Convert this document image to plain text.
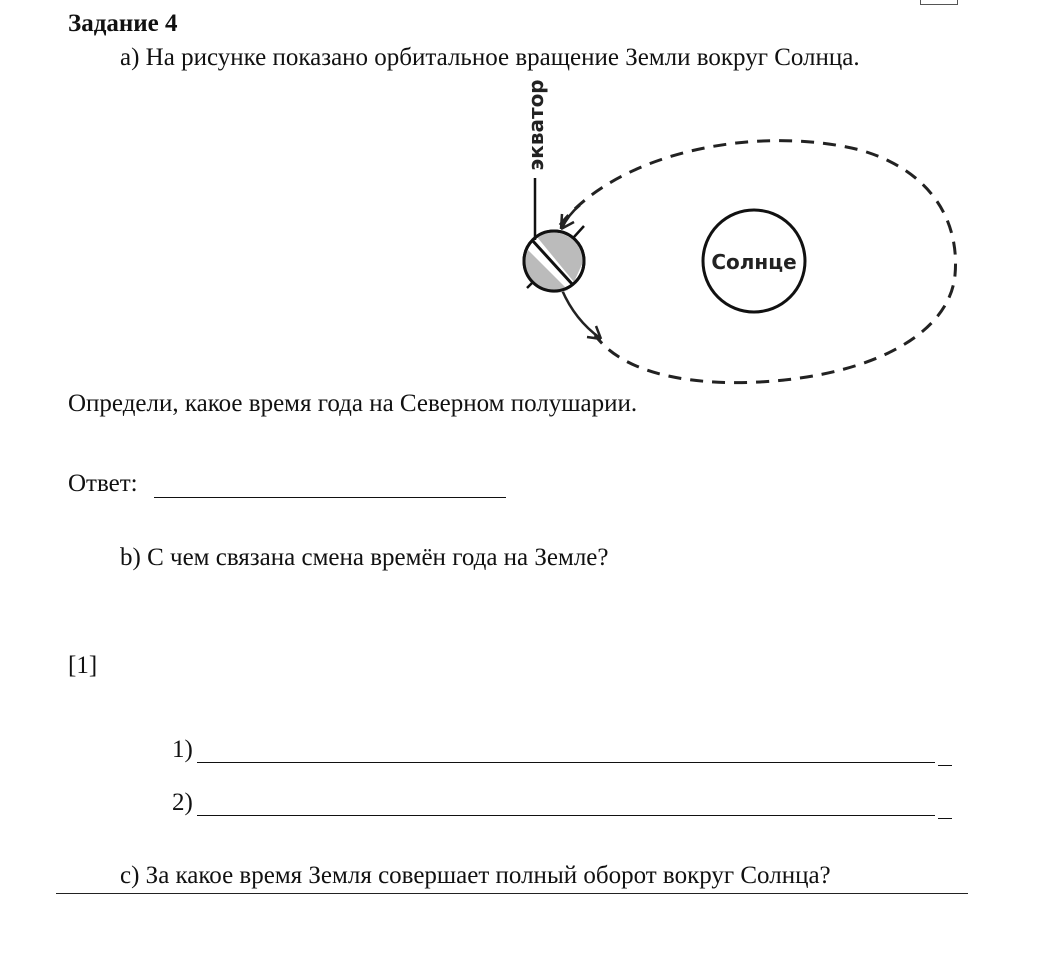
Задание 4
a) На рисунке показано орбитальное вращение Земли вокруг Солнца.
Солнце
экватор
Определи, какое время года на Северном полушарии.
Ответ:
b) С чем связана смена времён года на Земле?
[1]
1)
2)
c) За какое время Земля совершает полный оборот вокруг Солнца?
